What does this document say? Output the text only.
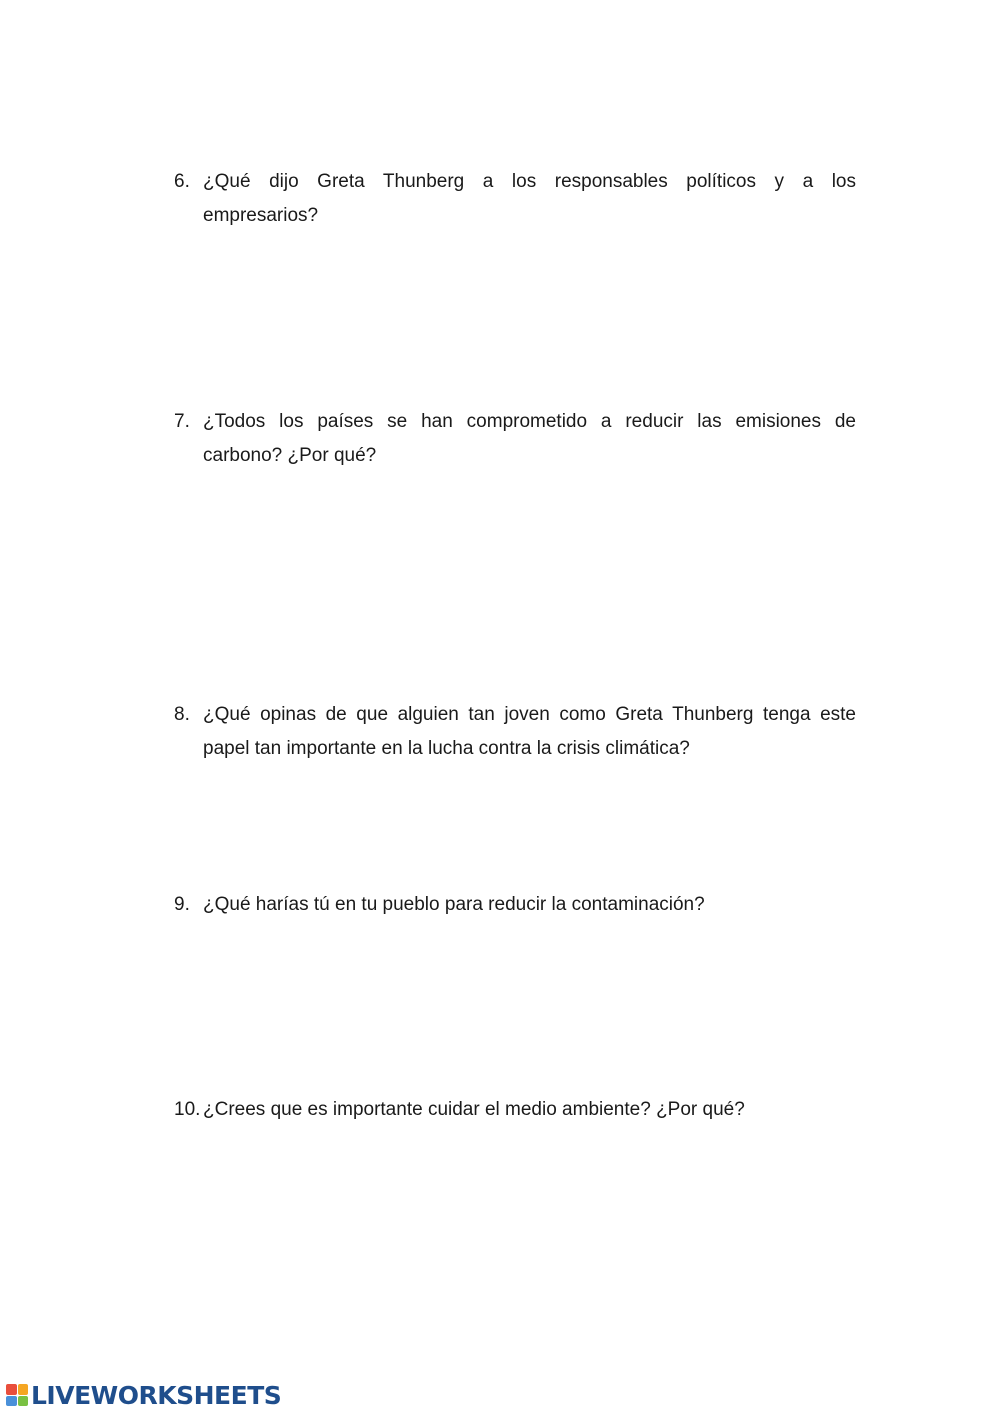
6. ¿Qué dijo Greta Thunberg a los responsables políticos y a los
empresarios?
7. ¿Todos los países se han comprometido a reducir las emisiones de
carbono? ¿Por qué?
8. ¿Qué opinas de que alguien tan joven como Greta Thunberg tenga este
papel tan importante en la lucha contra la crisis climática?
9. ¿Qué harías tú en tu pueblo para reducir la contaminación?
10. ¿Crees que es importante cuidar el medio ambiente? ¿Por qué?
LIVEWORKSHEETS
